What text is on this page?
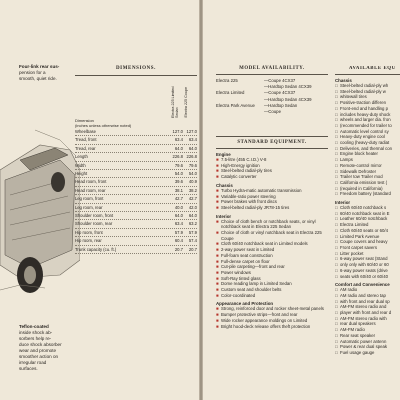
Four-link rear sus-
pension for a
smooth, quiet ride.
Teflon-coated
inside shock ab-
sorbers help re-
duce shock absorber
wear and promote
smoother action on
irregular road
surfaces.
DIMENSIONS.
Electra 225 Limited Sedan	Electra 225 Coupe
Dimension
(inches unless otherwise noted)
Wheelbase	127.0 127.0
Tread, front	63.4	63.4
Tread, rear	64.0	64.0
Length	226.8 226.8
Width	79.6	79.6
Height	54.0	54.0
Head room, front	39.6	40.9
Head room, rear	38.1	38.2
Leg room, front	42.7	42.7
Leg room, rear	40.0	42.0
Shoulder room, front	64.0	64.0
Shoulder room, rear	63.4	63.2
Hip room, front	57.9	57.9
Hip room, rear	60.4	57.4
Trunk capacity (cu. ft.)	20.7	20.7
MODEL AVAILABILITY.
Electra 225	—Coupe 4CX37
—Hardtop Sedan 4CX39
Electra Limited	—Coupe 4CX37
—Hardtop Sedan 4CX39
Electra Park Avenue	—Hardtop Sedan
—Coupe
STANDARD EQUIPMENT.
Engine
■ 7.5-litre (455 C.I.D.) V-8
■ High-Energy ignition
■ Steel-belted radial-ply tires
■ Catalytic converter
Chassis
■ Turbo Hydra-matic automatic transmission
■ Variable-ratio power steering
■ Power brakes with front discs
■ Steel-belted radial-ply JR78-15 tires
Interior
■ Choice of cloth bench or notchback seats, or vinyl notchback seat in Electra 225 Sedan
■ Choice of cloth or vinyl notchback seat in Electra 225 Coupe
■ Cloth 60/40 notchback seat in Limited models
■ 2-way power seat in Limited
■ Full-foam seat construction
■ Full-dense carpet on floor
■ Cut-pile carpeting—front and rear
■ Power windows
■ Soft-Ray tinted glass
■ Dome reading lamp in Limited Sedan
■ Custom seat and shoulder belts
■ Color-coordinated
Appearance and Protection
■ Strong, reinforced door and rocker sheet-metal panels
■ Bumper protective strips—front and rear
■ Wide rocker appearance moldings on Limited
■ Bright hood-deck release offers theft protection
AVAILABLE EQU
Chassis
□ Steel-belted radial-ply wh
□ Steel-belted radial-ply w
□ whitewall tires
□ Positive-traction differen
□ Front-end and handling p
□ includes heavy-duty shock
□ wheels and larger dia. fron
□ (recommended for trailer to
□ Automatic level control sy
□ Heavy-duty engine cool
□ cooling (heavy-duty radiat
□ Deliveries, and thermal con
□ Engine block heater
□ Lamps
□ Remote-control mirror
□ Sidewalk Defroster
□ Trailer tow Trailer mod
□ California emission test (
□ (required in California)
□ Freedom battery (standard
Interior
□ Cloth 60/40 notchback s
□ 60/40 notchback seat in E
□ Leather 60/40 notchback
□ Electra Limited
□ Cloth 60/40 seats or 60/4
□ Limited Park Avenue
□ Coupe covers and heavy
□ Front carpet savers
□ Litter pocket
□ 6-way power seat (Stand
□ only only with 60/40 or 60
□ 6-way power seats (drive
□ seats with 60/40 or 60/40
Comfort and Convenience
□ AM radio
□ AM radio and stereo tap
□ with front and rear dual sp
□ AM-FM stereo radio and
□ player with front and rear d
□ AM-FM stereo radio with
□ rear dual speakers
□ AM-FM radio
□ Rear seat speaker
□ Automatic power antenn
□ Power & rear dual speak
□ Fuel usage gauge
